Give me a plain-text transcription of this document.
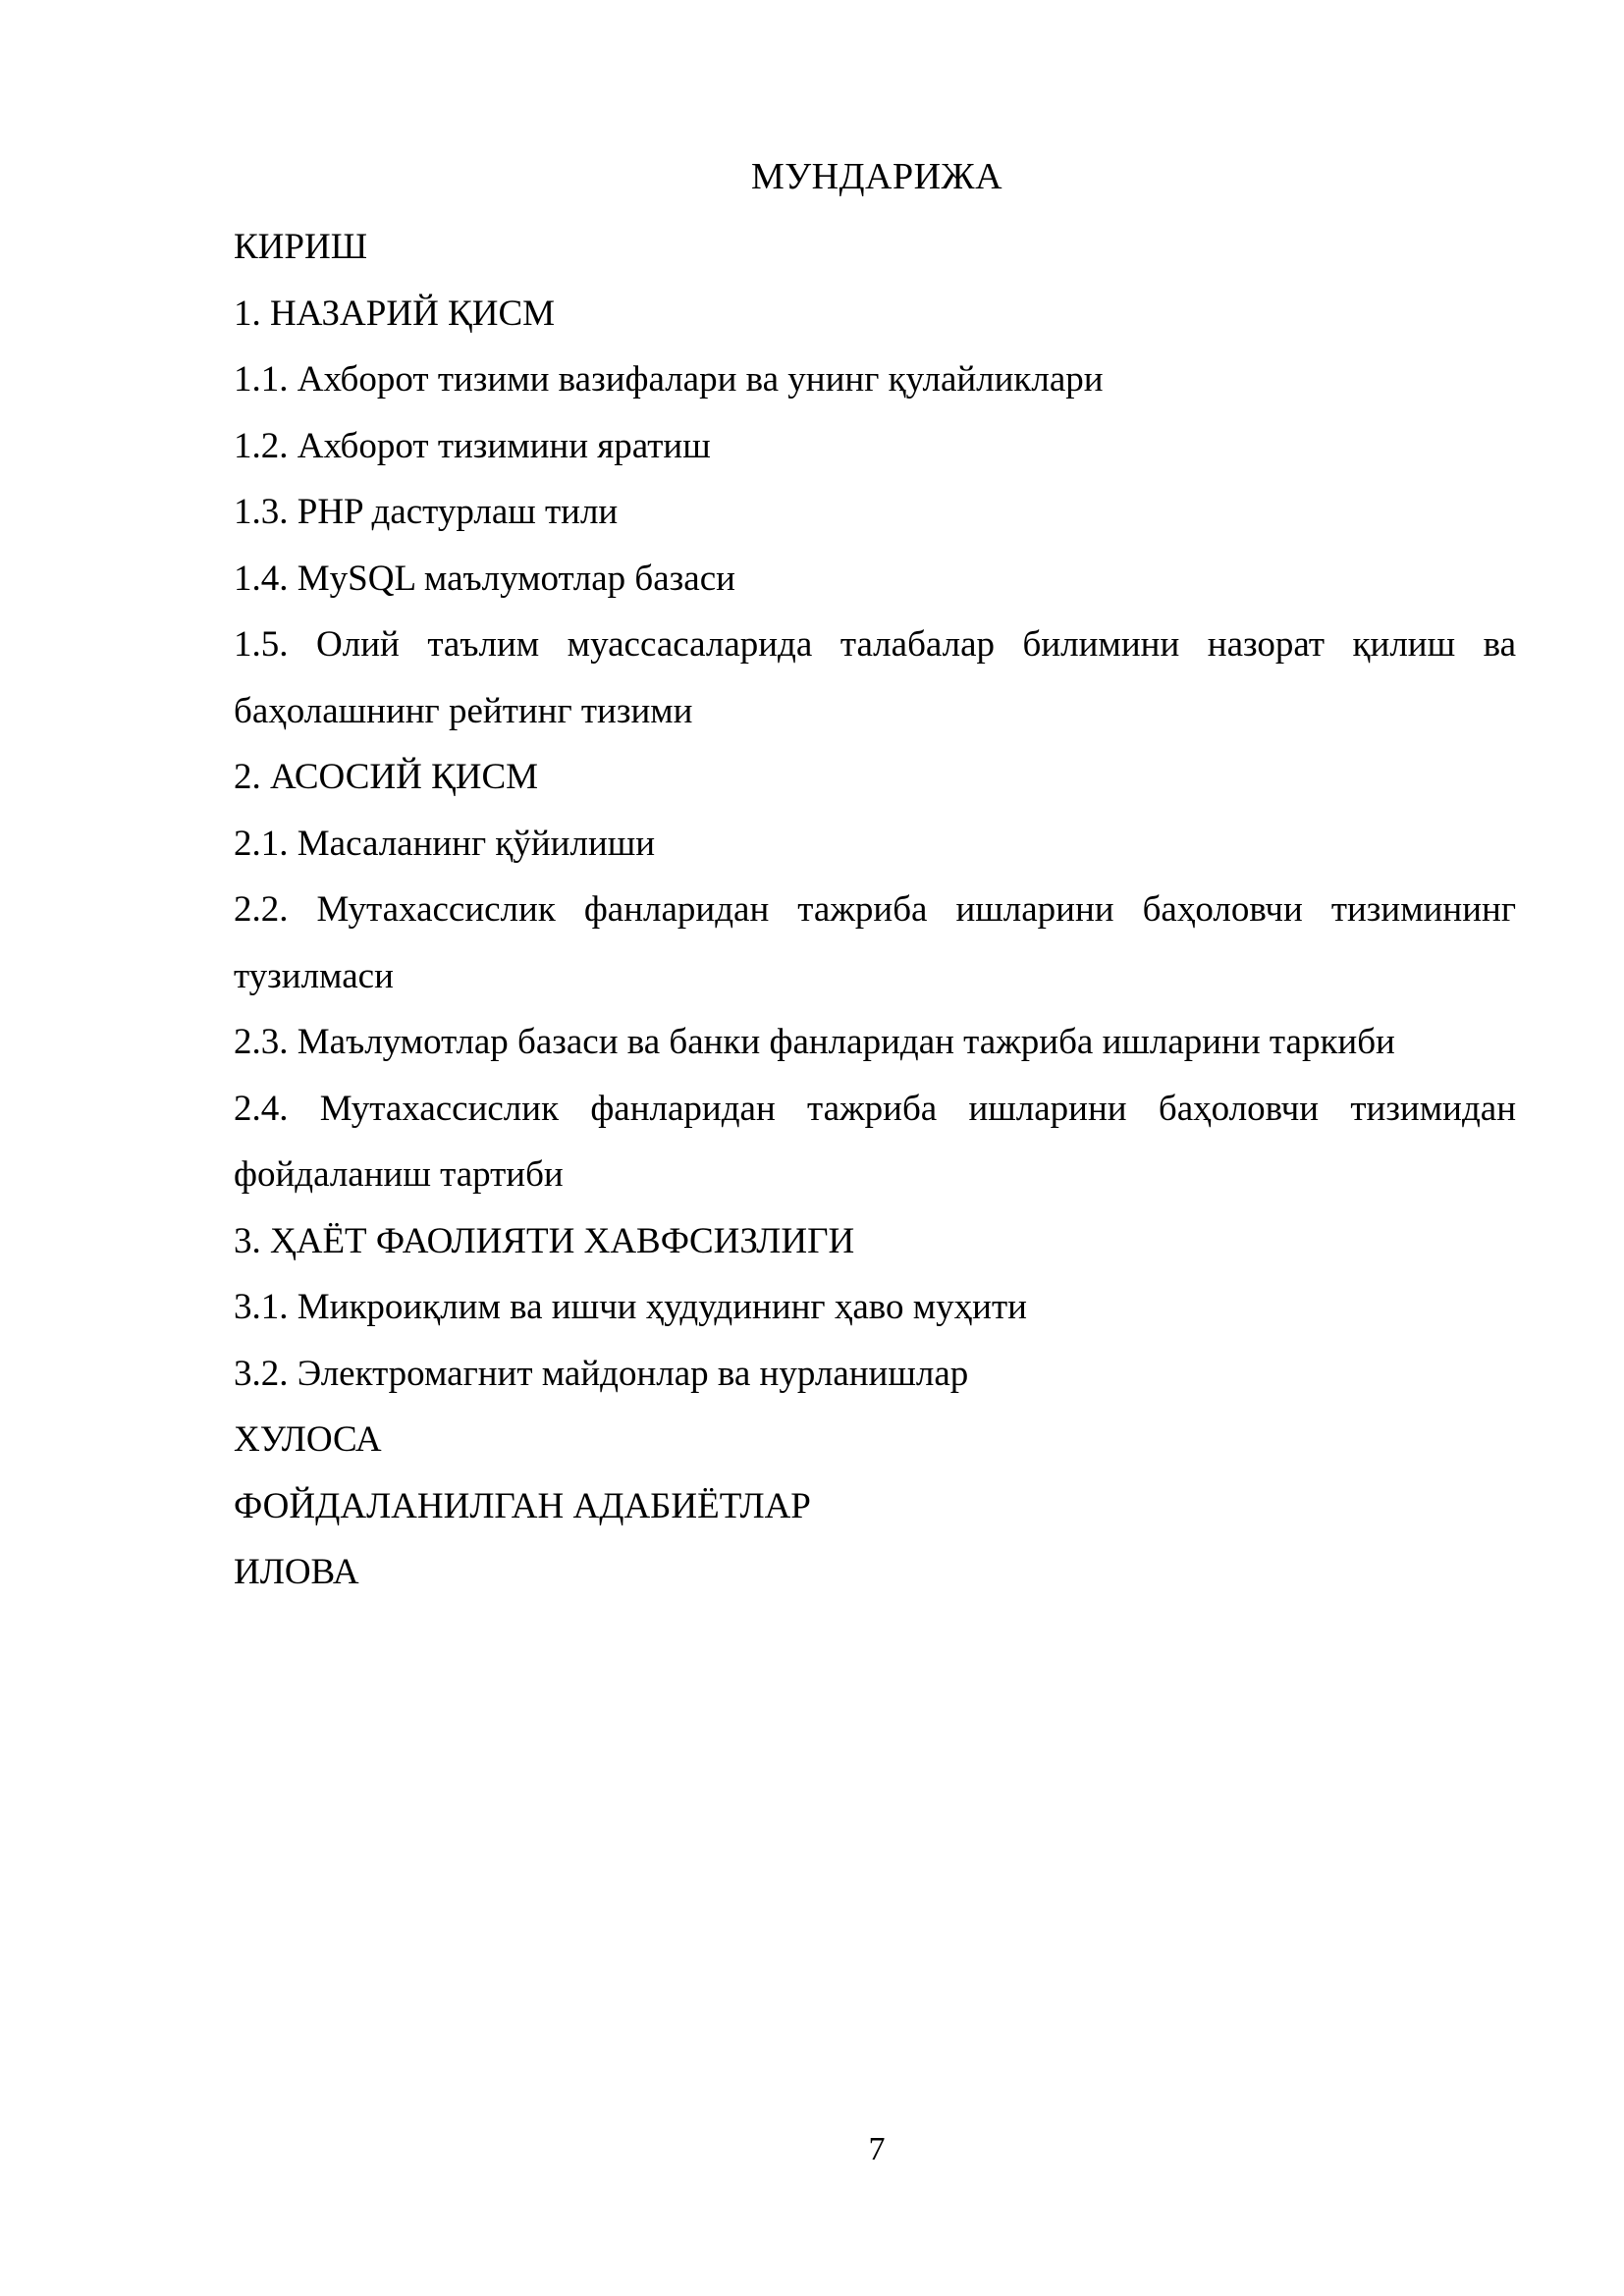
МУНДАРИЖА
КИРИШ
1. НАЗАРИЙ ҚИСМ
1.1. Ахборот тизими вазифалари ва унинг қулайликлари
1.2. Ахборот тизимини яратиш
1.3. PHP дастурлаш тили
1.4. MySQL маълумотлар базаси
1.5. Олий таълим муассасаларида талабалар билимини назорат қилиш ва баҳолашнинг рейтинг тизими
2. АСОСИЙ ҚИСМ
2.1. Масаланинг қўйилиши
2.2. Мутахассислик фанларидан тажриба ишларини баҳоловчи тизимининг тузилмаси
2.3. Маълумотлар базаси ва банки фанларидан тажриба ишларини таркиби
2.4. Мутахассислик фанларидан тажриба ишларини баҳоловчи тизимидан фойдаланиш тартиби
3. ҲАЁТ ФАОЛИЯТИ ХАВФСИЗЛИГИ
3.1. Микроиқлим ва ишчи ҳудудининг ҳаво муҳити
3.2. Электромагнит майдонлар ва нурланишлар
ХУЛОСА
ФОЙДАЛАНИЛГАН АДАБИЁТЛАР
ИЛОВА
7
